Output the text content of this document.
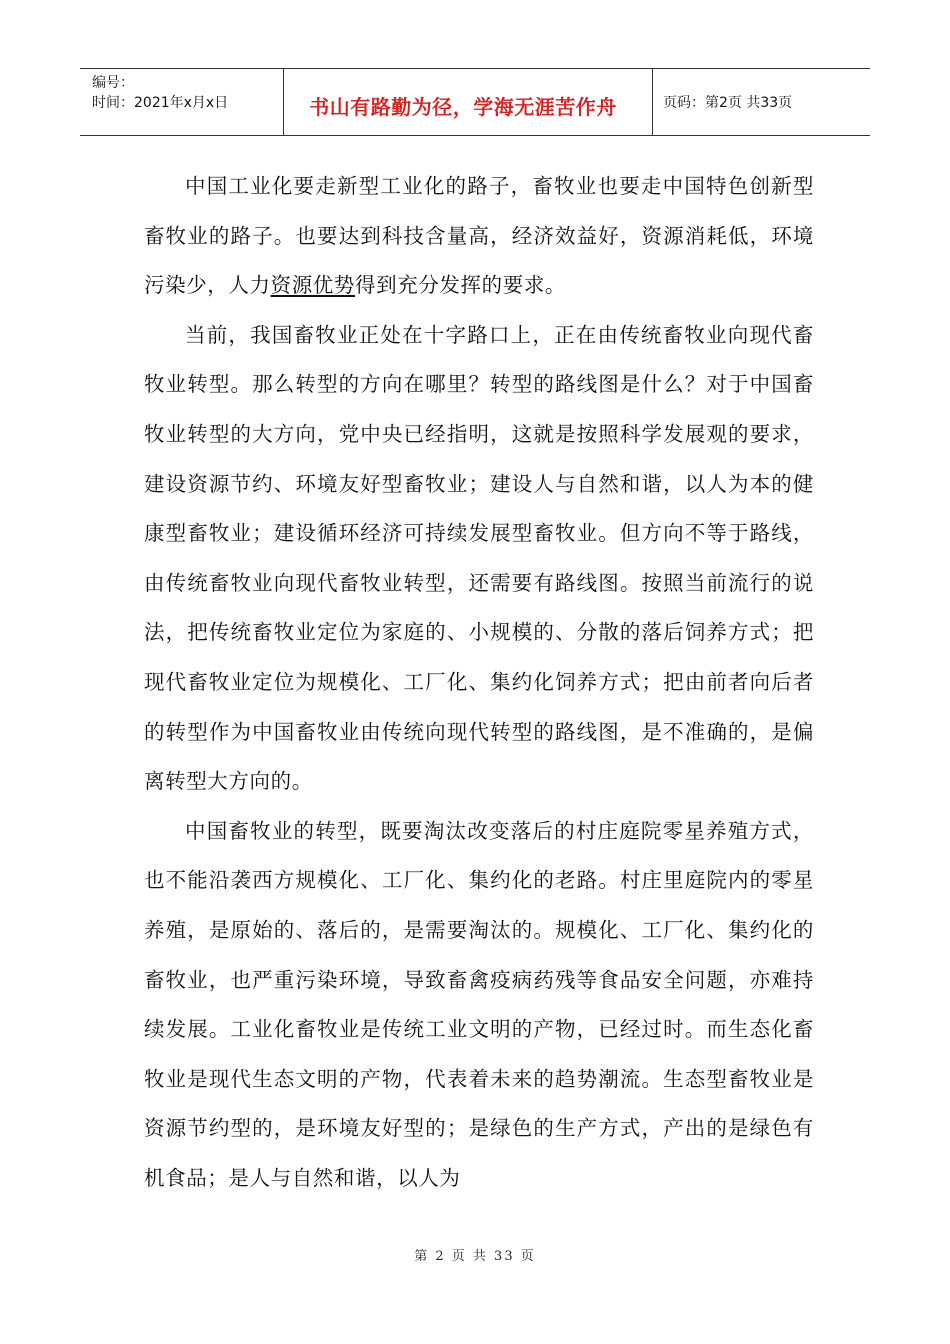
编号：
时间：2021年x月x日	书山有路勤为径，学海无涯苦作舟	页码：第2页 共33页

中国工业化要走新型工业化的路子，畜牧业也要走中国特色创新型畜牧业的路子。也要达到科技含量高，经济效益好，资源消耗低，环境污染少，人力资源优势得到充分发挥的要求。

当前，我国畜牧业正处在十字路口上，正在由传统畜牧业向现代畜牧业转型。那么转型的方向在哪里？转型的路线图是什么？对于中国畜牧业转型的大方向，党中央已经指明，这就是按照科学发展观的要求，建设资源节约、环境友好型畜牧业；建设人与自然和谐，以人为本的健康型畜牧业；建设循环经济可持续发展型畜牧业。但方向不等于路线，由传统畜牧业向现代畜牧业转型，还需要有路线图。按照当前流行的说法，把传统畜牧业定位为家庭的、小规模的、分散的落后饲养方式；把现代畜牧业定位为规模化、工厂化、集约化饲养方式；把由前者向后者的转型作为中国畜牧业由传统向现代转型的路线图，是不准确的，是偏离转型大方向的。

中国畜牧业的转型，既要淘汰改变落后的村庄庭院零星养殖方式，也不能沿袭西方规模化、工厂化、集约化的老路。村庄里庭院内的零星养殖，是原始的、落后的，是需要淘汰的。规模化、工厂化、集约化的畜牧业，也严重污染环境，导致畜禽疫病药残等食品安全问题，亦难持续发展。工业化畜牧业是传统工业文明的产物，已经过时。而生态化畜牧业是现代生态文明的产物，代表着未来的趋势潮流。生态型畜牧业是资源节约型的，是环境友好型的；是绿色的生产方式，产出的是绿色有机食品；是人与自然和谐，以人为

第 2 页 共 33 页
